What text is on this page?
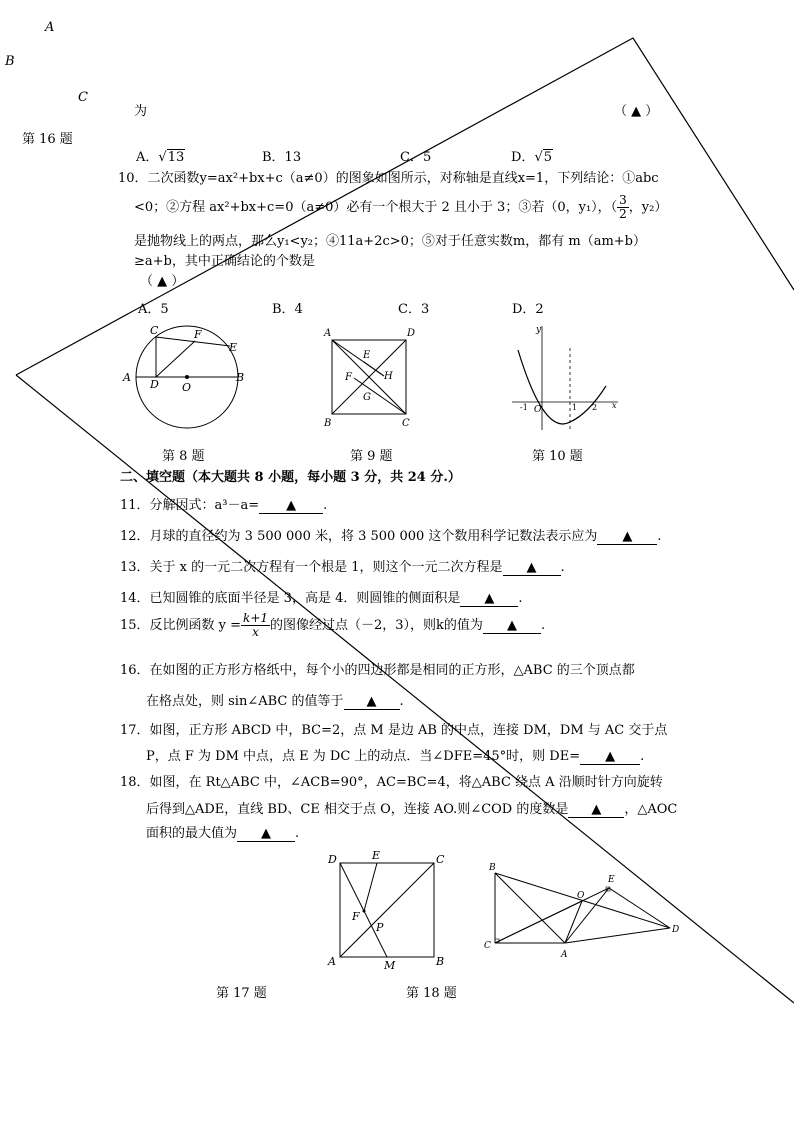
A
B
C
为	（ ▲ ）
第 16 题
A．√13	B．13	C．5	D．√5
10．二次函数y=ax²+bx+c（a≠0）的图象如图所示，对称轴是直线x=1，下列结论：①abc
<0；②方程 ax²+bx+c=0（a≠0）必有一个根大于 2 且小于 3；③若（0，y₁），（ $\frac{3}{2}$ ，y₂）
是抛物线上的两点，那么y₁<y₂；④11a+2c>0；⑤对于任意实数m，都有 m（am+b）
≥a+b，其中正确结论的个数是
（ ▲ ）
A．5	B．4	C．3	D．2
C	F
E
A	B
D O
第 8 题
A	D
B	C
E
F
G
H
第 9 题
y
x
O
-1	1 2
第 10 题
二、填空题（本大题共 8 小题，每小题 3 分，共 24 分.）
11．分解因式：a³－a= ▲ .
12．月球的直径约为 3 500 000 米，将 3 500 000 这个数用科学记数法表示应为 ▲ .
13．关于 x 的一元二次方程有一个根是 1，则这个一元二次方程是 ▲ .
14．已知圆锥的底面半径是 3，高是 4．则圆锥的侧面积是 ▲ .
15．反比例函数 $y = \frac{k+1}{x}$ 的图像经过点（－2，3），则k的值为 ▲ .
16．在如图的正方形方格纸中，每个小的四边形都是相同的正方形，△ABC 的三个顶点都
在格点处，则 sin∠ABC 的值等于 ▲ .
17．如图，正方形 ABCD 中，BC=2，点 M 是边 AB 的中点，连接 DM，DM 与 AC 交于点
P，点 F 为 DM 中点，点 E 为 DC 上的动点．当∠DFE=45°时，则 DE= ▲ .
18．如图，在 Rt△ABC 中，∠ACB=90°，AC=BC=4，将△ABC 绕点 A 沿顺时针方向旋转
后得到△ADE，直线 BD、CE 相交于点 O，连接 AO.则∠COD 的度数是 ▲ ，△AOC
面积的最大值为 ▲ .
D	E	C
F
P
A	M	B
第 17 题
B
C
A
D
E
O
第 18 题
